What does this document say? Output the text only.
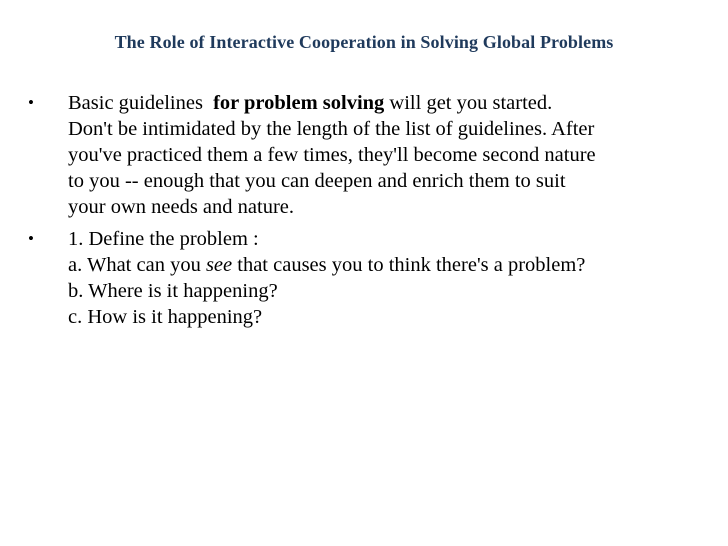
The Role of Interactive Cooperation in Solving Global Problems
•	Basic guidelines for problem solving will get you started.
Don't be intimidated by the length of the list of guidelines. After
you've practiced them a few times, they'll become second nature
to you -- enough that you can deepen and enrich them to suit
your own needs and nature.
•	1. Define the problem :
a. What can you see that causes you to think there's a problem?
b. Where is it happening?
c. How is it happening?
